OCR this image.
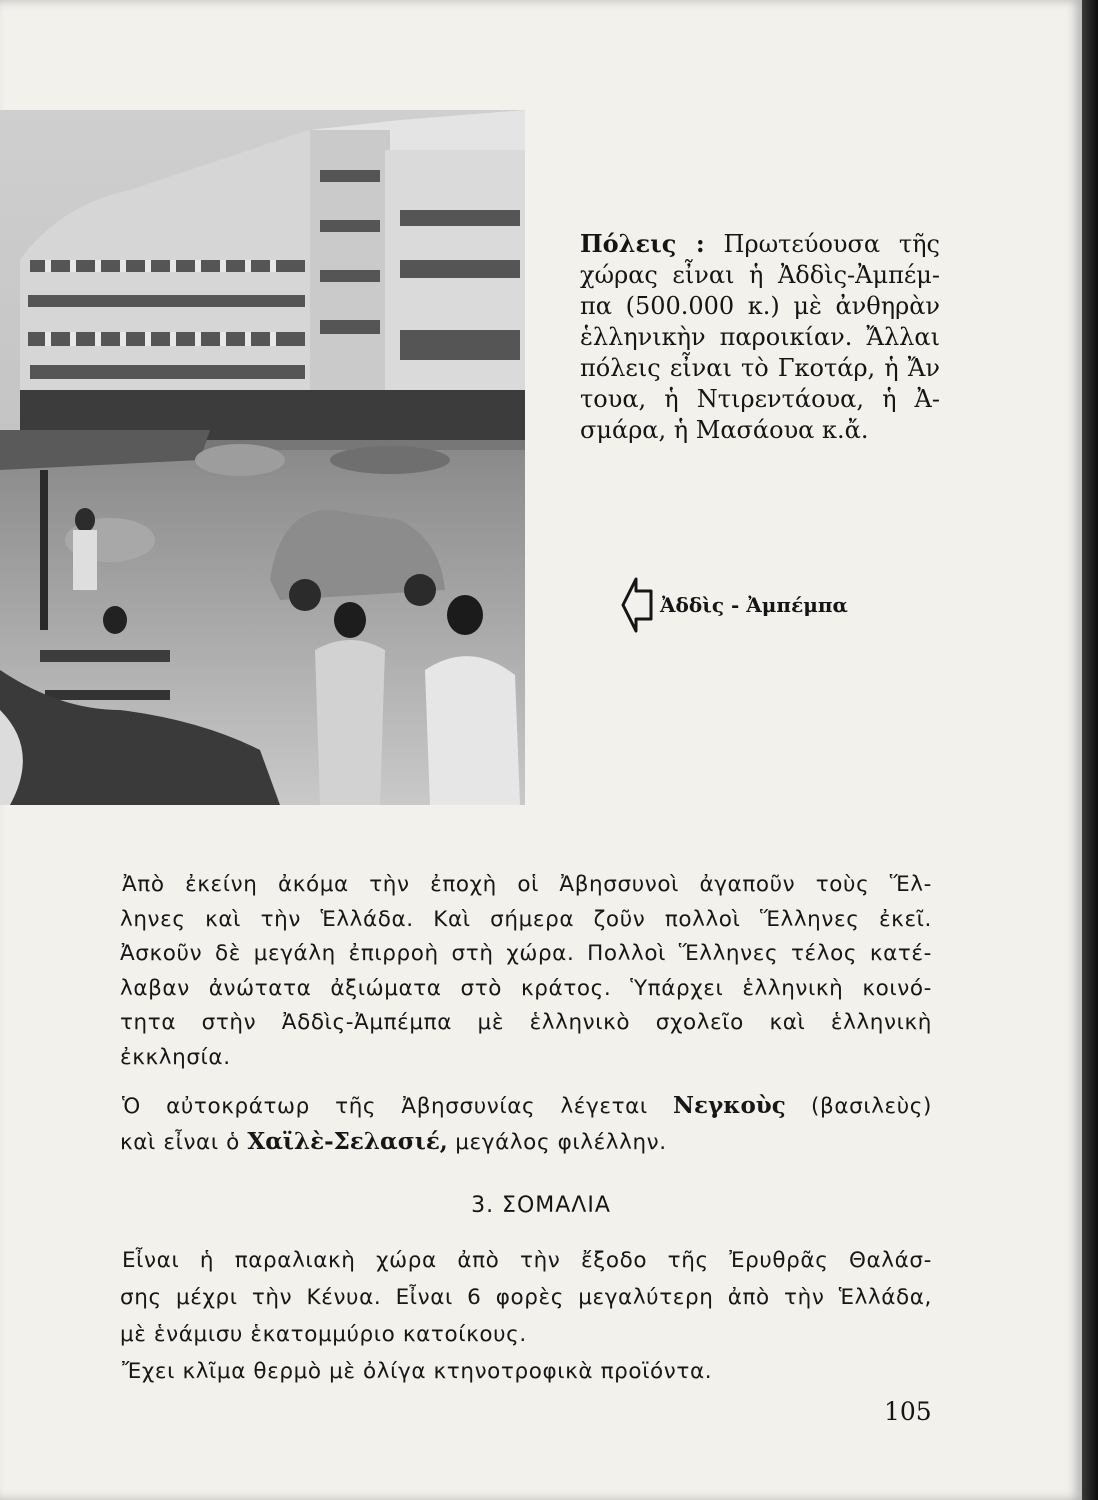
Πόλεις : Πρωτεύουσα τῆς
χώρας εἶναι ἡ Ἀδδὶς-Ἀμπέμ-
πα (500.000 κ.) μὲ ἀνθηρὰν
ἑλληνικὴν παροικίαν. Ἄλλαι
πόλεις εἶναι τὸ Γκοτάρ, ἡ Ἄν
τουα, ἡ Ντιρεντάουα, ἡ Ἀ-
σμάρα, ἡ Μασάουα κ.ἄ.
Ἀδδὶς - Ἀμπέμπα
Ἀπὸ ἐκείνη ἀκόμα τὴν ἐποχὴ οἱ Ἀβησσυνοὶ ἀγαποῦν τοὺς Ἕλ-
ληνες καὶ τὴν Ἑλλάδα. Καὶ σήμερα ζοῦν πολλοὶ Ἕλληνες ἐκεῖ.
Ἀσκοῦν δὲ μεγάλη ἐπιρροὴ στὴ χώρα. Πολλοὶ Ἕλληνες τέλος κατέ-
λαβαν ἀνώτατα ἀξιώματα στὸ κράτος. Ὑπάρχει ἑλληνικὴ κοινό-
τητα στὴν Ἀδδὶς-Ἀμπέμπα μὲ ἑλληνικὸ σχολεῖο καὶ ἑλληνικὴ
ἐκκλησία.
Ὁ αὐτοκράτωρ τῆς Ἀβησσυνίας λέγεται Νεγκοὺς (βασιλεὺς)
καὶ εἶναι ὁ Χαϊλὲ-Σελασιέ, μεγάλος φιλέλλην.
3. ΣΟΜΑΛΙΑ
Εἶναι ἡ παραλιακὴ χώρα ἀπὸ τὴν ἔξοδο τῆς Ἐρυθρᾶς Θαλάσ-
σης μέχρι τὴν Κένυα. Εἶναι 6 φορὲς μεγαλύτερη ἀπὸ τὴν Ἑλλάδα,
μὲ ἑνάμισυ ἑκατομμύριο κατοίκους.
Ἔχει κλῖμα θερμὸ μὲ ὀλίγα κτηνοτροφικὰ προϊόντα.
105
